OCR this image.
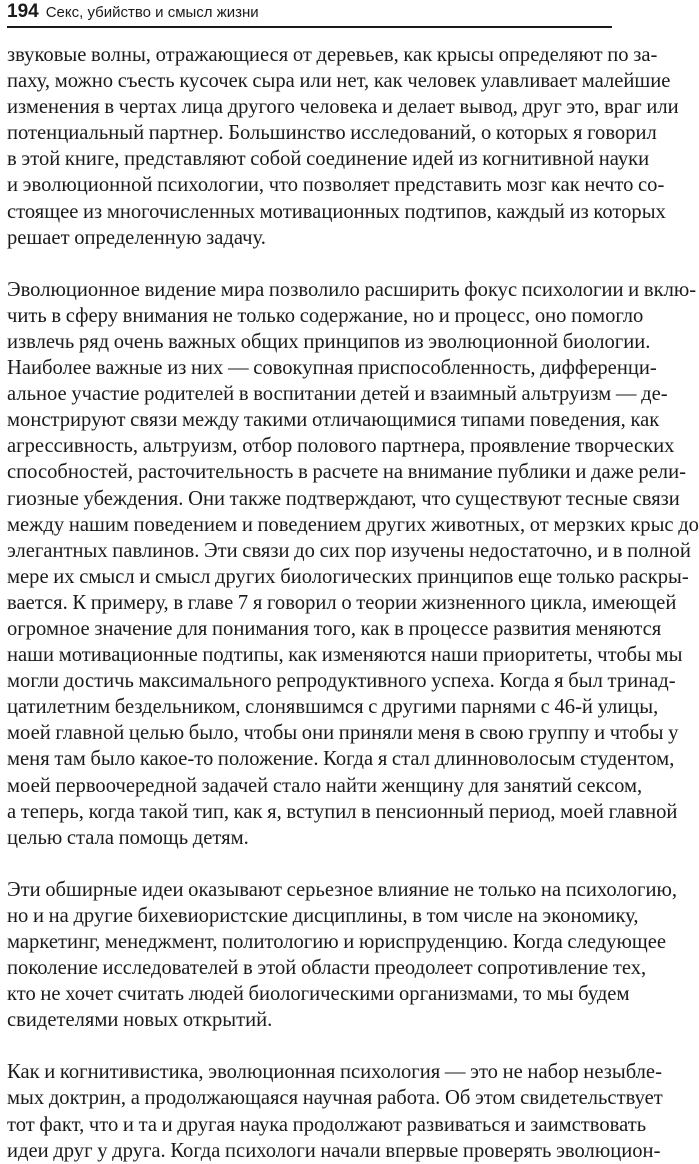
194 Секс, убийство и смысл жизни

звуковые волны, отражающиеся от деревьев, как крысы определяют по за-
паху, можно съесть кусочек сыра или нет, как человек улавливает малейшие
изменения в чертах лица другого человека и делает вывод, друг это, враг или
потенциальный партнер. Большинство исследований, о которых я говорил
в этой книге, представляют собой соединение идей из когнитивной науки
и эволюционной психологии, что позволяет представить мозг как нечто со-
стоящее из многочисленных мотивационных подтипов, каждый из которых
решает определенную задачу.

Эволюционное видение мира позволило расширить фокус психологии и вклю-
чить в сферу внимания не только содержание, но и процесс, оно помогло
извлечь ряд очень важных общих принципов из эволюционной биологии.
Наиболее важные из них — совокупная приспособленность, дифференци-
альное участие родителей в воспитании детей и взаимный альтруизм — де-
монстрируют связи между такими отличающимися типами поведения, как
агрессивность, альтруизм, отбор полового партнера, проявление творческих
способностей, расточительность в расчете на внимание публики и даже рели-
гиозные убеждения. Они также подтверждают, что существуют тесные связи
между нашим поведением и поведением других животных, от мерзких крыс до
элегантных павлинов. Эти связи до сих пор изучены недостаточно, и в полной
мере их смысл и смысл других биологических принципов еще только раскры-
вается. К примеру, в главе 7 я говорил о теории жизненного цикла, имеющей
огромное значение для понимания того, как в процессе развития меняются
наши мотивационные подтипы, как изменяются наши приоритеты, чтобы мы
могли достичь максимального репродуктивного успеха. Когда я был тринад-
цатилетним бездельником, слонявшимся с другими парнями с 46-й улицы,
моей главной целью было, чтобы они приняли меня в свою группу и чтобы у
меня там было какое-то положение. Когда я стал длинноволосым студентом,
моей первоочередной задачей стало найти женщину для занятий сексом,
а теперь, когда такой тип, как я, вступил в пенсионный период, моей главной
целью стала помощь детям.

Эти обширные идеи оказывают серьезное влияние не только на психологию,
но и на другие бихевиористские дисциплины, в том числе на экономику,
маркетинг, менеджмент, политологию и юриспруденцию. Когда следующее
поколение исследователей в этой области преодолеет сопротивление тех,
кто не хочет считать людей биологическими организмами, то мы будем
свидетелями новых открытий.

Как и когнитивистика, эволюционная психология — это не набор незыбле-
мых доктрин, а продолжающаяся научная работа. Об этом свидетельствует
тот факт, что и та и другая наука продолжают развиваться и заимствовать
идеи друг у друга. Когда психологи начали впервые проверять эволюцион-
